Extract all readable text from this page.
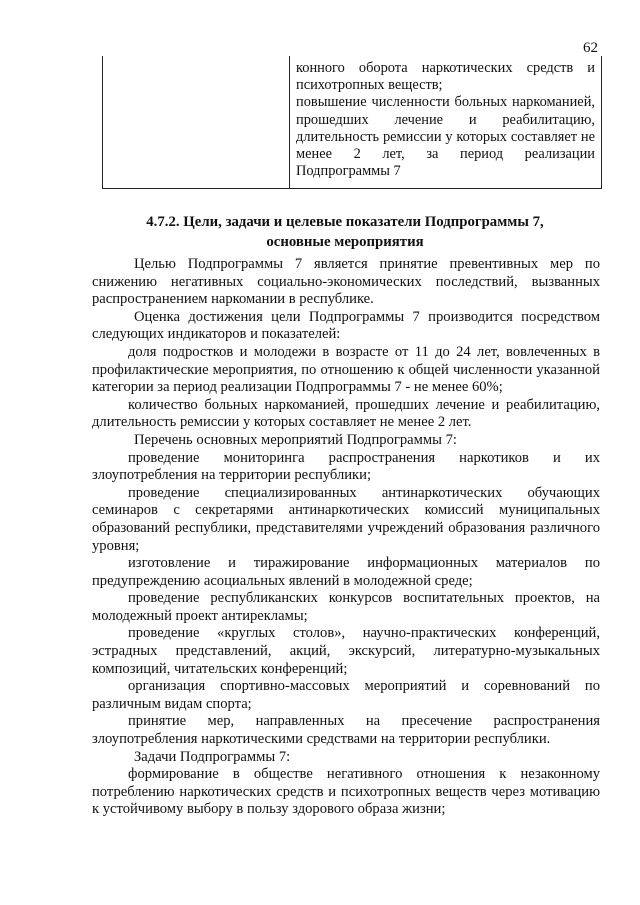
62
конного оборота наркотических средств и психотропных веществ;
повышение численности больных наркоманией, прошедших лечение и реабилитацию, длительность ремиссии у которых составляет не менее 2 лет, за период реализации Подпрограммы 7
4.7.2. Цели, задачи и целевые показатели Подпрограммы 7,
основные мероприятия

Целью Подпрограммы 7 является принятие превентивных мер по снижению негативных социально-экономических последствий, вызванных распространением наркомании в республике.

Оценка достижения цели Подпрограммы 7 производится посредством следующих индикаторов и показателей:

доля подростков и молодежи в возрасте от 11 до 24 лет, вовлеченных в профилактические мероприятия, по отношению к общей численности указанной категории за период реализации Подпрограммы 7 - не менее 60%;

количество больных наркоманией, прошедших лечение и реабилитацию, длительность ремиссии у которых составляет не менее 2 лет.

Перечень основных мероприятий Подпрограммы 7:

проведение мониторинга распространения наркотиков и их злоупотребления на территории республики;

проведение специализированных антинаркотических обучающих семинаров с секретарями антинаркотических комиссий муниципальных образований республики, представителями учреждений образования различного уровня;

изготовление и тиражирование информационных материалов по предупреждению асоциальных явлений в молодежной среде;

проведение республиканских конкурсов воспитательных проектов, на молодежный проект антирекламы;

проведение «круглых столов», научно-практических конференций, эстрадных представлений, акций, экскурсий, литературно-музыкальных композиций, читательских конференций;

организация спортивно-массовых мероприятий и соревнований по различным видам спорта;

принятие мер, направленных на пресечение распространения злоупотребления наркотическими средствами на территории республики.

Задачи Подпрограммы 7:

формирование в обществе негативного отношения к незаконному потреблению наркотических средств и психотропных веществ через мотивацию к устойчивому выбору в пользу здорового образа жизни;
